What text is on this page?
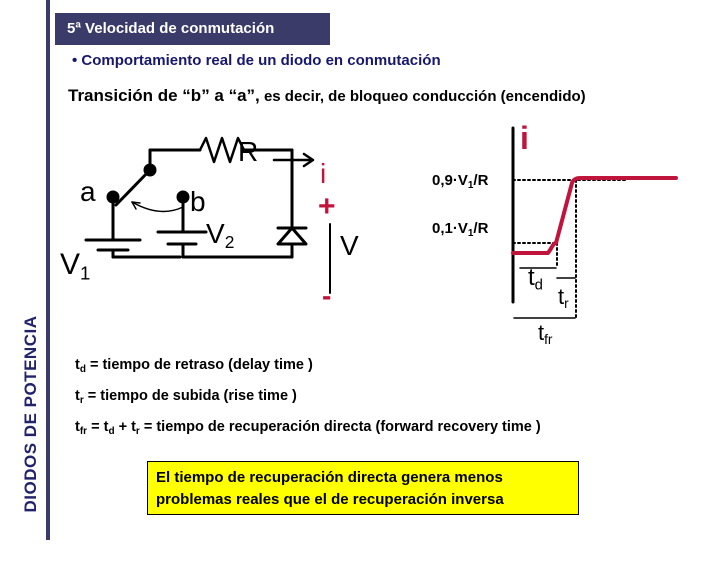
DIODOS DE POTENCIA
5ª Velocidad de conmutación
• Comportamiento real de un diodo en conmutación
Transición de “b” a “a”, es decir, de bloqueo conducción (encendido)
a	b
R
$V_1$
$V_2$
i
+
-
V
i
$0,9\cdot V_1/R$
$0,1\cdot V_1/R$
$t_d$ $t_r$
$t_{fr}$
$t_d$ = tiempo de retraso (delay time )
$t_r$ = tiempo de subida (rise time )
$t_{fr} = t_d + t_r$ = tiempo de recuperación directa (forward recovery time )
El tiempo de recuperación directa genera menos problemas reales que el de recuperación inversa
